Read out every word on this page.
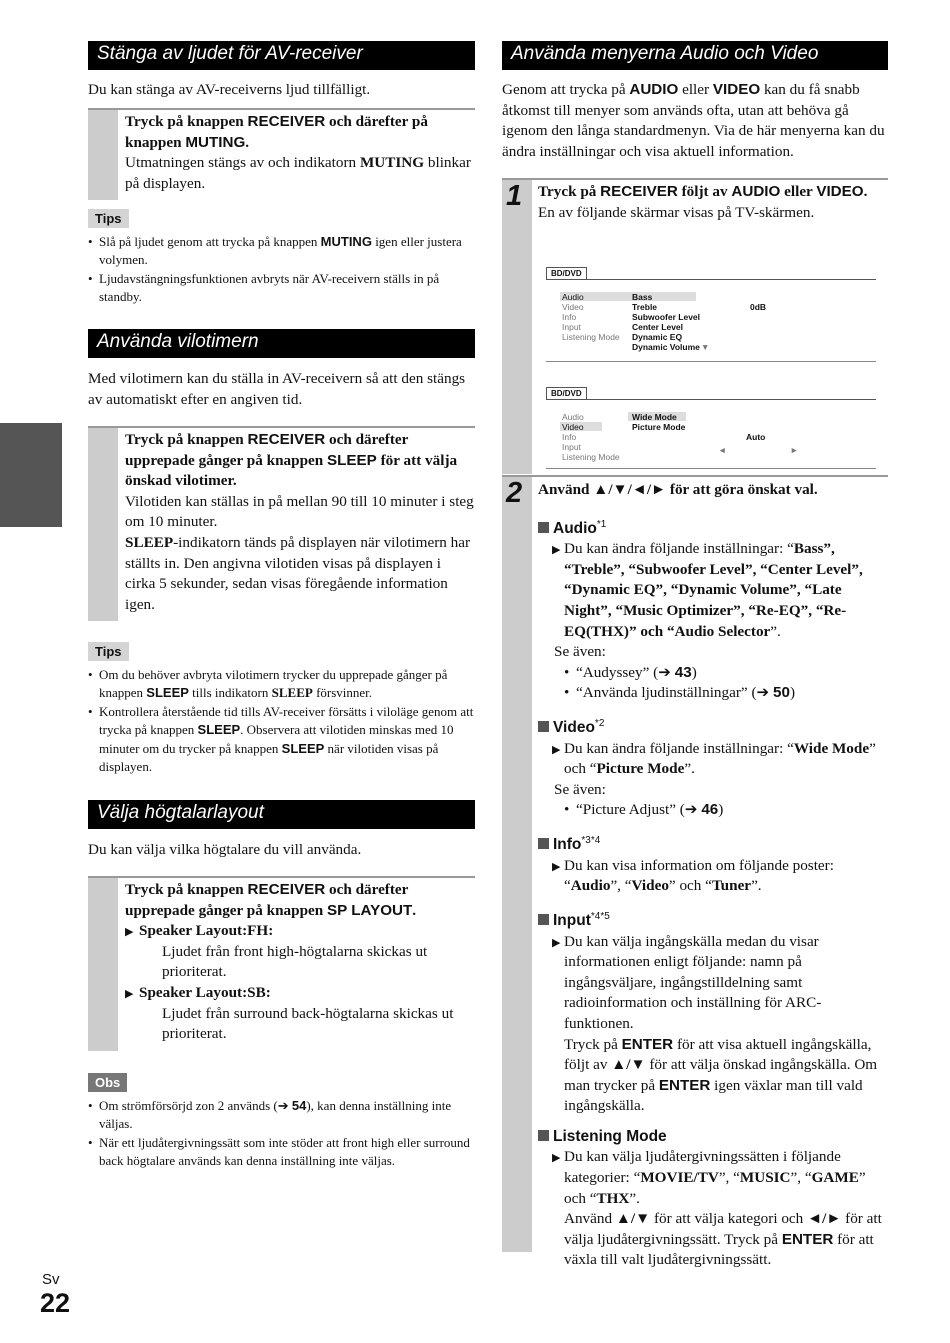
Stänga av ljudet för AV-receiver
Du kan stänga av AV-receiverns ljud tillfälligt.
Tryck på knappen RECEIVER och därefter på knappen MUTING.
Utmatningen stängs av och indikatorn MUTING blinkar på displayen.
Tips
• Slå på ljudet genom att trycka på knappen MUTING igen eller justera volymen.
• Ljudavstängningsfunktionen avbryts när AV-receivern ställs in på standby.
Använda vilotimern
Med vilotimern kan du ställa in AV-receivern så att den stängs av automatiskt efter en angiven tid.
Tryck på knappen RECEIVER och därefter upprepade gånger på knappen SLEEP för att välja önskad vilotimer.
Vilotiden kan ställas in på mellan 90 till 10 minuter i steg om 10 minuter.
SLEEP-indikatorn tänds på displayen när vilotimern har ställts in. Den angivna vilotiden visas på displayen i cirka 5 sekunder, sedan visas föregående information igen.
Tips
• Om du behöver avbryta vilotimern trycker du upprepade gånger på knappen SLEEP tills indikatorn SLEEP försvinner.
• Kontrollera återstående tid tills AV-receiver försätts i viloläge genom att trycka på knappen SLEEP. Observera att vilotiden minskas med 10 minuter om du trycker på knappen SLEEP när vilotiden visas på displayen.
Välja högtalarlayout
Du kan välja vilka högtalare du vill använda.
Tryck på knappen RECEIVER och därefter upprepade gånger på knappen SP LAYOUT.
▶ Speaker Layout:FH:
Ljudet från front high-högtalarna skickas ut prioriterat.
▶ Speaker Layout:SB:
Ljudet från surround back-högtalarna skickas ut prioriterat.
Obs
• Om strömförsörjd zon 2 används (➔ 54), kan denna inställning inte väljas.
• När ett ljudåtergivningssätt som inte stöder att front high eller surround back högtalare används kan denna inställning inte väljas.
Använda menyerna Audio och Video
Genom att trycka på AUDIO eller VIDEO kan du få snabb åtkomst till menyer som används ofta, utan att behöva gå igenom den långa standardmenyn. Via de här menyerna kan du ändra inställningar och visa aktuell information.
1 Tryck på RECEIVER följt av AUDIO eller VIDEO.
En av följande skärmar visas på TV-skärmen.
BD/DVD
Audio
Video
Info
Input
Listening Mode
Bass
Treble
Subwoofer Level
Center Level
Dynamic EQ
Dynamic Volume
0dB
▼
BD/DVD
Audio
Video
Info
Input
Listening Mode
Wide Mode
Picture Mode
Auto
◄	►
2 Använd ▲/▼/◄/► för att göra önskat val.
Audio$^{*1}$
▶ Du kan ändra följande inställningar: “Bass”, “Treble”, “Subwoofer Level”, “Center Level”, “Dynamic EQ”, “Dynamic Volume”, “Late Night”, “Music Optimizer”, “Re-EQ”, “Re-EQ(THX)” och “Audio Selector”.
Se även:
• “Audyssey” (➔ 43)
• “Använda ljudinställningar” (➔ 50)
Video$^{*2}$
▶ Du kan ändra följande inställningar: “Wide Mode” och “Picture Mode”.
Se även:
• “Picture Adjust” (➔ 46)
Info$^{*3*4}$
▶ Du kan visa information om följande poster: “Audio”, “Video” och “Tuner”.
Input$^{*4*5}$
▶ Du kan välja ingångskälla medan du visar informationen enligt följande: namn på ingångsväljare, ingångstilldelning samt radioinformation och inställning för ARC-funktionen.
Tryck på ENTER för att visa aktuell ingångskälla, följt av ▲/▼ för att välja önskad ingångskälla. Om man trycker på ENTER igen växlar man till vald ingångskälla.
Listening Mode
▶ Du kan välja ljudåtergivningssätten i följande kategorier: “MOVIE/TV”, “MUSIC”, “GAME” och “THX”.
Använd ▲/▼ för att välja kategori och ◄/► för att välja ljudåtergivningssätt. Tryck på ENTER för att växla till valt ljudåtergivningssätt.
Sv
22
